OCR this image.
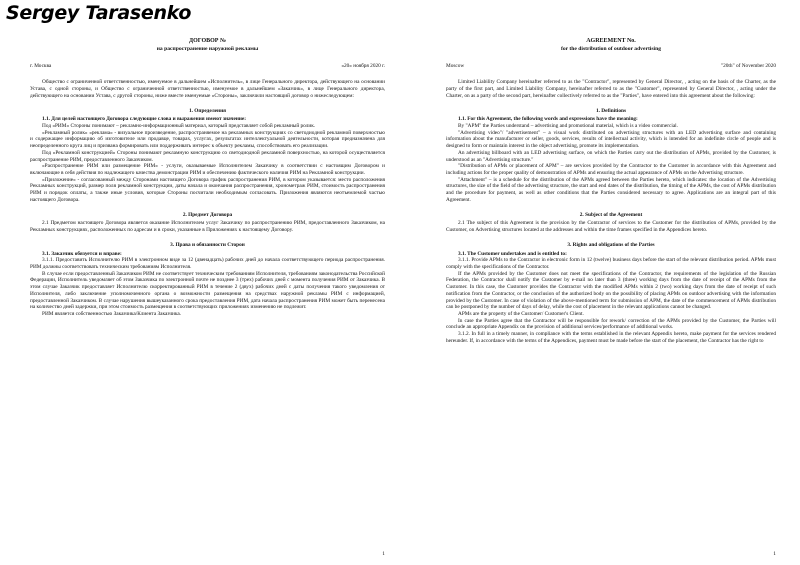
Sergey Tarasenko
ДОГОВОР №
на распространение наружной рекламы
г. Москва	«20» ноября 2020 г.

Общество с ограниченной ответственностью, именуемое в дальнейшем «Исполнитель», в лице Генерального директора, действующего на основании Устава, с одной стороны, и Общество с ограниченной ответственностью, именуемое в дальнейшем «Заказчик», в лице Генерального директора, действующего на основании Устава, с другой стороны, ниже вместе именуемые «Стороны», заключили настоящий договор о нижеследующем:

1. Определения

1.1. Для целей настоящего Договора следующие слова и выражения имеют значение:

Под «РИМ» Стороны понимают – рекламно-информационный материал, который представляет собой рекламный ролик.

«Рекламный ролик» «реклама» - визуальное произведение, распространяемое на рекламных конструкциях со светодиодной рекламной поверхностью и содержащее информацию об изготовителе или продавце, товарах, услугах, результатах интеллектуальной деятельности, которая предназначена для неопределенного круга лиц и призвана формировать или поддерживать интерес к объекту рекламы, способствовать его реализации.

Под «Рекламной конструкцией» Стороны понимают рекламную конструкцию со светодиодной рекламной поверхностью, на которой осуществляется распространение РИМ, предоставленного Заказчиком.

«Распространение РИМ или размещение РИМ» - услуги, оказываемые Исполнителем Заказчику в соответствии с настоящим Договором и включающие в себя действия по надлежащего качества демонстрации РИМ и обеспечению фактического наличия РИМ на Рекламной конструкции.

«Приложение» - согласованный между Сторонами настоящего Договора график распространения РИМ, в котором указывается: место расположения Рекламных конструкций, размер поля рекламной конструкции, даты начала и окончания распространения, хронометраж РИМ, стоимость распространения РИМ и порядок оплаты, а также иные условия, которые Стороны посчитали необходимым согласовать. Приложения являются неотъемлемой частью настоящего Договора.

2. Предмет Договора

2.1 Предметом настоящего Договора является оказание Исполнителем услуг Заказчику по распространению РИМ, предоставленного Заказчиком, на Рекламных конструкциях, расположенных по адресам и в сроки, указанные в Приложениях к настоящему Договору.

3. Права и обязанности Сторон

3.1. Заказчик обязуется и вправе:

3.1.1. Предоставить Исполнителю РИМ в электронном виде за 12 (двенадцать) рабочих дней до начала соответствующего периода распространения. РИМ должны соответствовать техническим требованиям Исполнителя.

В случае если предоставленный Заказчиком РИМ не соответствует техническим требованиям Исполнителя, требованиям законодательства Российской Федерации, Исполнитель уведомляет об этом Заказчика по электронной почте не позднее 3 (трех) рабочих дней с момента получения РИМ от Заказчика. В этом случае Заказчик предоставляет Исполнителю скорректированный РИМ в течение 2 (двух) рабочих дней с даты получения такого уведомления от Исполнителя, либо заключение уполномоченного органа о возможности размещения на средствах наружной рекламы РИМ с информацией, предоставленной Заказчиком. В случае нарушения вышеуказанного срока предоставления РИМ, дата начала распространения РИМ может быть перенесена на количество дней задержки, при этом стоимость размещения в соответствующих приложениях изменению не подлежит.

РИМ является собственностью Заказчика/Клиента Заказчика.

1
AGREEMENT No.
for the distribution of outdoor advertising
Moscow	"20th" of November 2020

Limited Liability Company hereinafter referred to as the "Contractor", represented by General Director, , acting on the basis of the Charter, as the party of the first part, and Limited Liability Company, hereinafter referred to as the "Customer", represented by General Director, , acting under the Charter, on as a party of the second part, hereinafter collectively referred to as the "Parties", have entered into this agreement about the following:

1. Definitions

1.1. For this Agreement, the following words and expressions have the meaning:

By "APM" the Parties understand – advertising and promotional material, which is a video commercial.

"Advertising video"/ "advertisement" – a visual work distributed on advertising structures with an LED advertising surface and containing information about the manufacturer or seller, goods, services, results of intellectual activity, which is intended for an indefinite circle of people and is designed to form or maintain interest in the object advertising, promote its implementation.

An advertising billboard with an LED advertising surface, on which the Parties carry out the distribution of APMs, provided by the Customer, is understood as an "Advertising structure."

"Distribution of APMs or placement of APM" – are services provided by the Contractor to the Customer in accordance with this Agreement and including actions for the proper quality of demonstration of APMs and ensuring the actual appearance of APMs on the Advertising structure.

"Attachment" – is a schedule for the distribution of the APMs agreed between the Parties hereto, which indicates: the location of the Advertising structures, the size of the field of the advertising structure, the start and end dates of the distribution, the timing of the APMs, the cost of APMs distribution and the procedure for payment, as well as other conditions that the Parties considered necessary to agree. Applications are an integral part of this Agreement.

2. Subject of the Agreement

2.1 The subject of this Agreement is the provision by the Contractor of services to the Customer for the distribution of APMs, provided by the Customer, on Advertising structures located at the addresses and within the time frames specified in the Appendices hereto.

3. Rights and obligations of the Parties

3.1. The Customer undertakes and is entitled to:

3.1.1. Provide APMs to the Contractor in electronic form in 12 (twelve) business days before the start of the relevant distribution period. APMs must comply with the specifications of the Contractor.

If the APMs provided by the Customer does not meet the specifications of the Contractor, the requirements of the legislation of the Russian Federation, the Contractor shall notify the Customer by e-mail no later than 3 (three) working days from the date of receipt of the APMs from the Customer. In this case, the Customer provides the Contractor with the modified APMs within 2 (two) working days from the date of receipt of such notification from the Contractor, or the conclusion of the authorized body on the possibility of placing APMs on outdoor advertising with the information provided by the Customer. In case of violation of the above-mentioned term for submission of APM, the date of the commencement of APMs distribution can be postponed by the number of days of delay, while the cost of placement in the relevant applications cannot be changed.

APMs are the property of the Customer/ Customer's Client.

In case the Parties agree that the Contractor will be responsible for rework/ correction of the APMs provided by the Customer, the Parties will conclude an appropriate Appendix on the provision of additional services/performance of additional works.

3.1.2. In full in a timely manner, in compliance with the terms established in the relevant Appendix hereto, make payment for the services rendered hereunder. If, in accordance with the terms of the Appendices, payment must be made before the start of the placement, the Contractor has the right to

1
